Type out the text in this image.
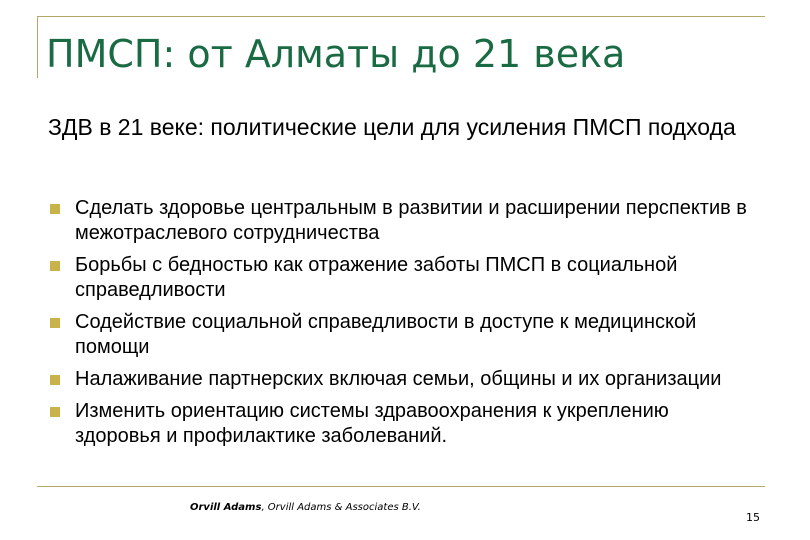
ПМСП: от Алматы до 21 века
ЗДВ в 21 веке: политические цели для усиления ПМСП подхода
Сделать здоровье центральным в развитии и расширении перспектив в межотраслевого сотрудничества
Борьбы с бедностью как отражение заботы ПМСП в социальной справедливости
Содействие социальной справедливости в доступе к медицинской помощи
Налаживание партнерских включая семьи, общины и их организации
Изменить ориентацию системы здравоохранения к укреплению здоровья и профилактике заболеваний.
Orvill Adams, Orvill Adams & Associates B.V.
15
